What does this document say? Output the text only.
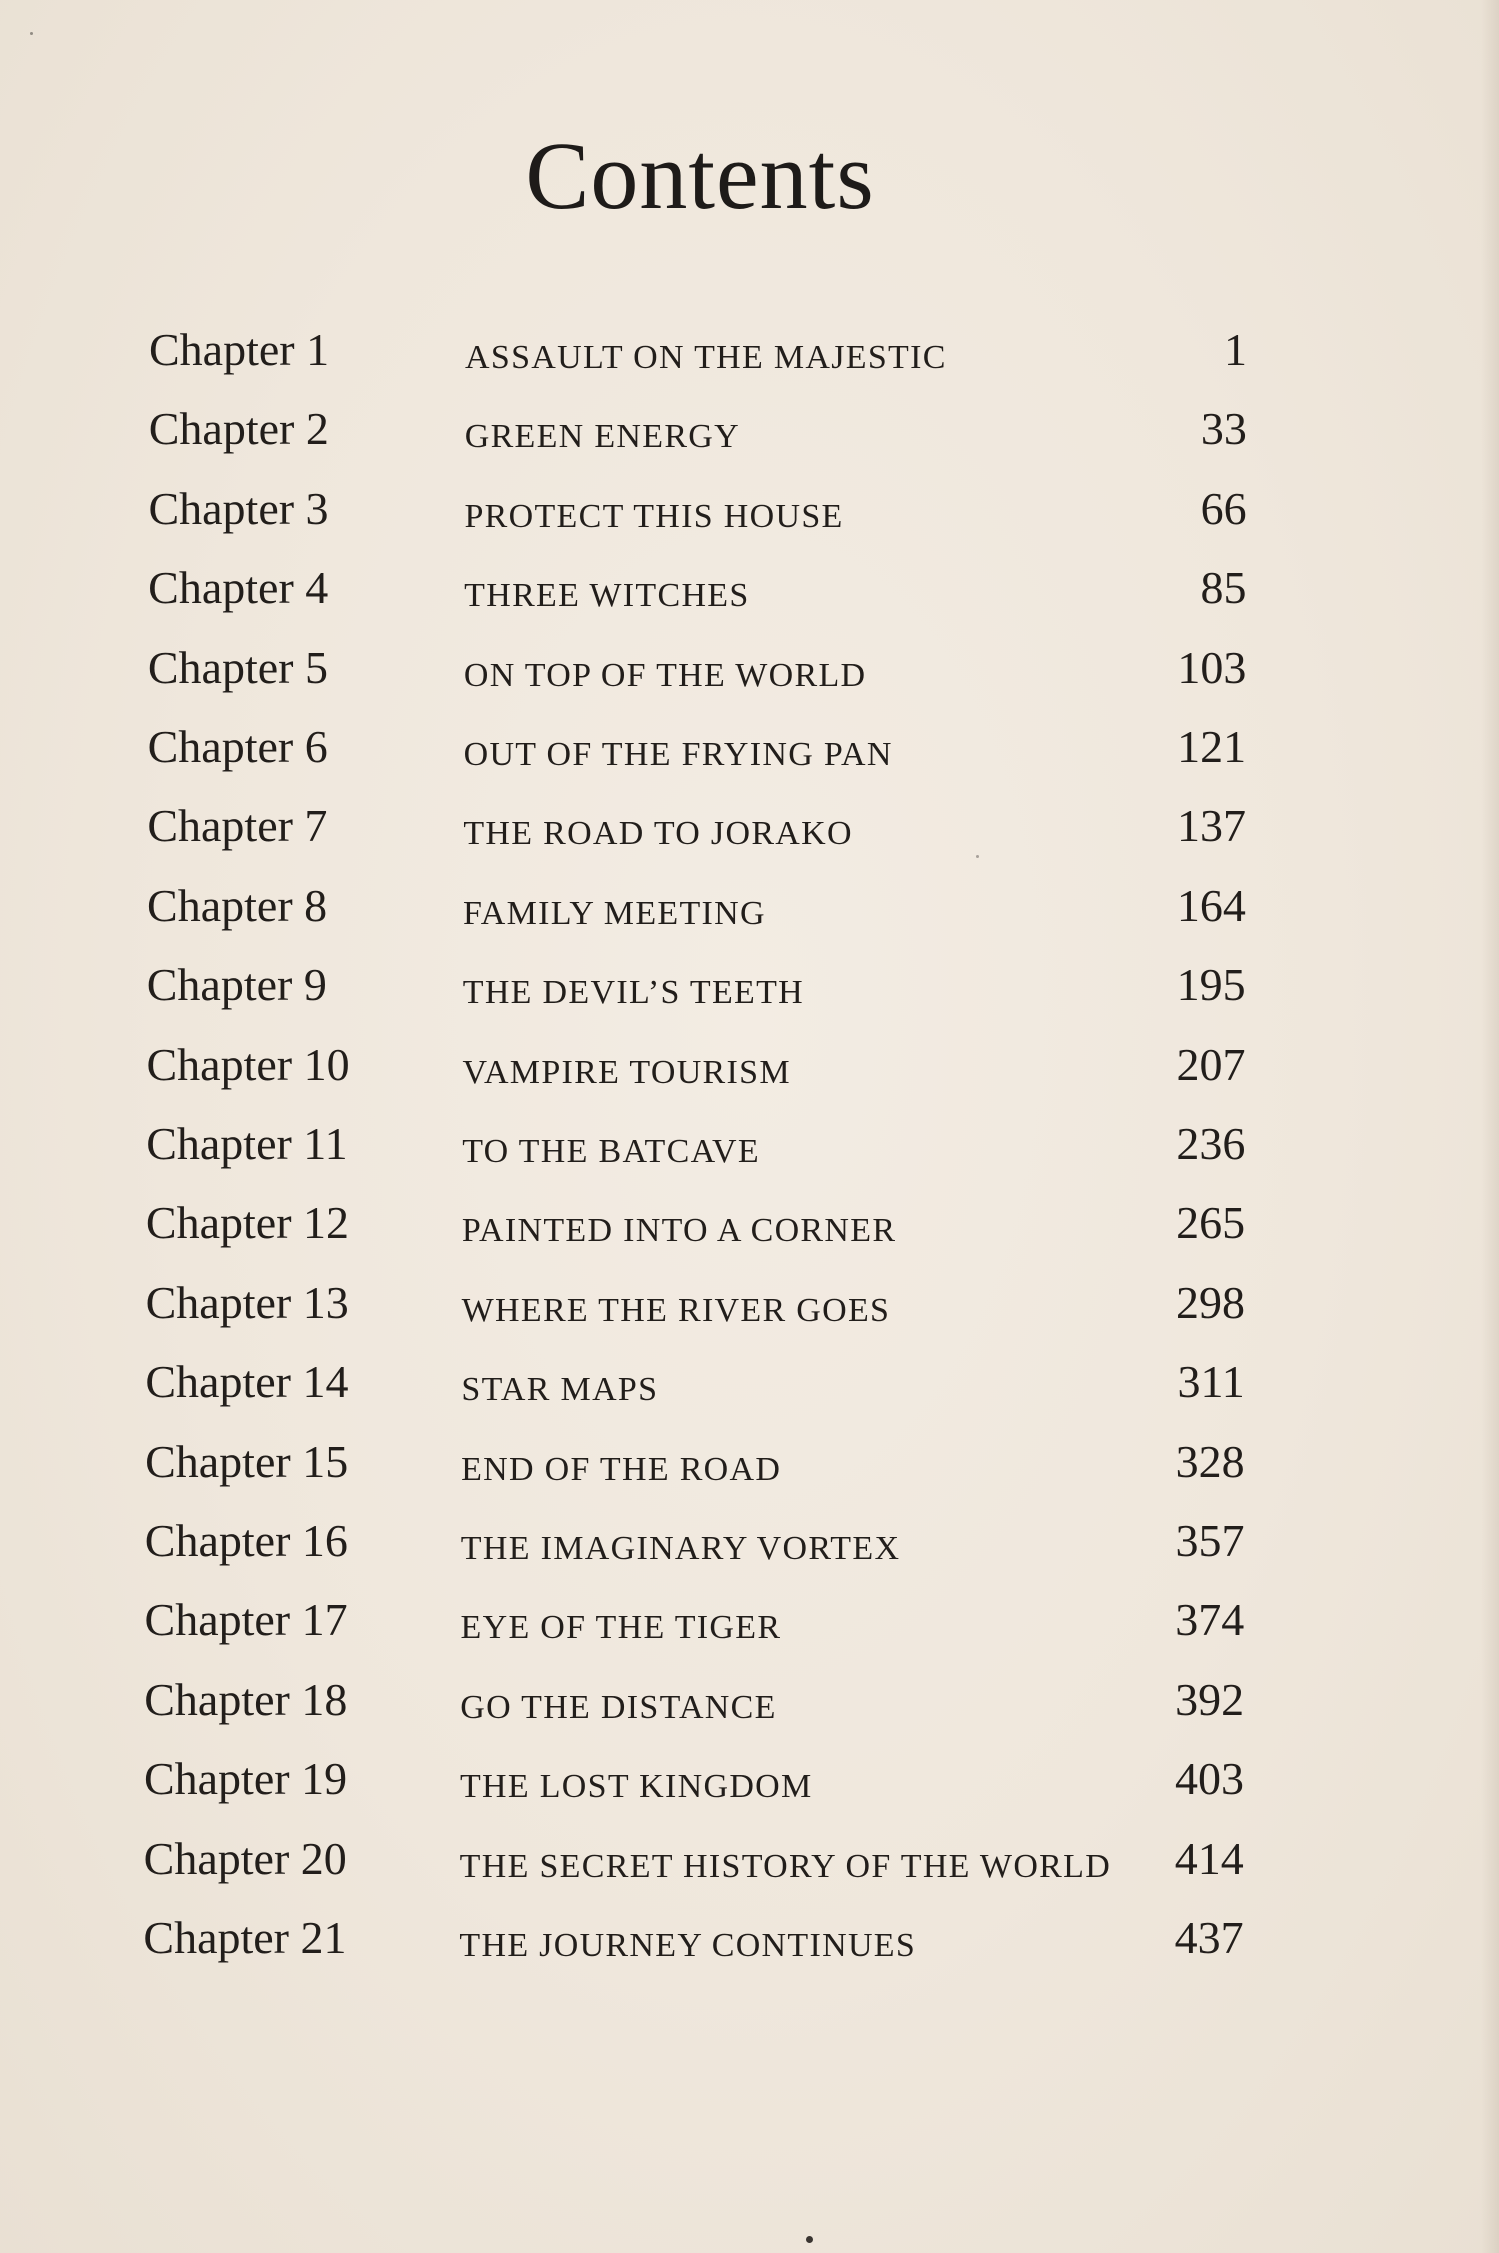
Contents
Chapter 1	ASSAULT ON THE MAJESTIC	1
Chapter 2	GREEN ENERGY	33
Chapter 3	PROTECT THIS HOUSE	66
Chapter 4	THREE WITCHES	85
Chapter 5	ON TOP OF THE WORLD	103
Chapter 6	OUT OF THE FRYING PAN	121
Chapter 7	THE ROAD TO JORAKO	137
Chapter 8	FAMILY MEETING	164
Chapter 9	THE DEVIL’S TEETH	195
Chapter 10	VAMPIRE TOURISM	207
Chapter 11	TO THE BATCAVE	236
Chapter 12	PAINTED INTO A CORNER	265
Chapter 13	WHERE THE RIVER GOES	298
Chapter 14	STAR MAPS	311
Chapter 15	END OF THE ROAD	328
Chapter 16	THE IMAGINARY VORTEX	357
Chapter 17	EYE OF THE TIGER	374
Chapter 18	GO THE DISTANCE	392
Chapter 19	THE LOST KINGDOM	403
Chapter 20	THE SECRET HISTORY OF THE WORLD	414
Chapter 21	THE JOURNEY CONTINUES	437
